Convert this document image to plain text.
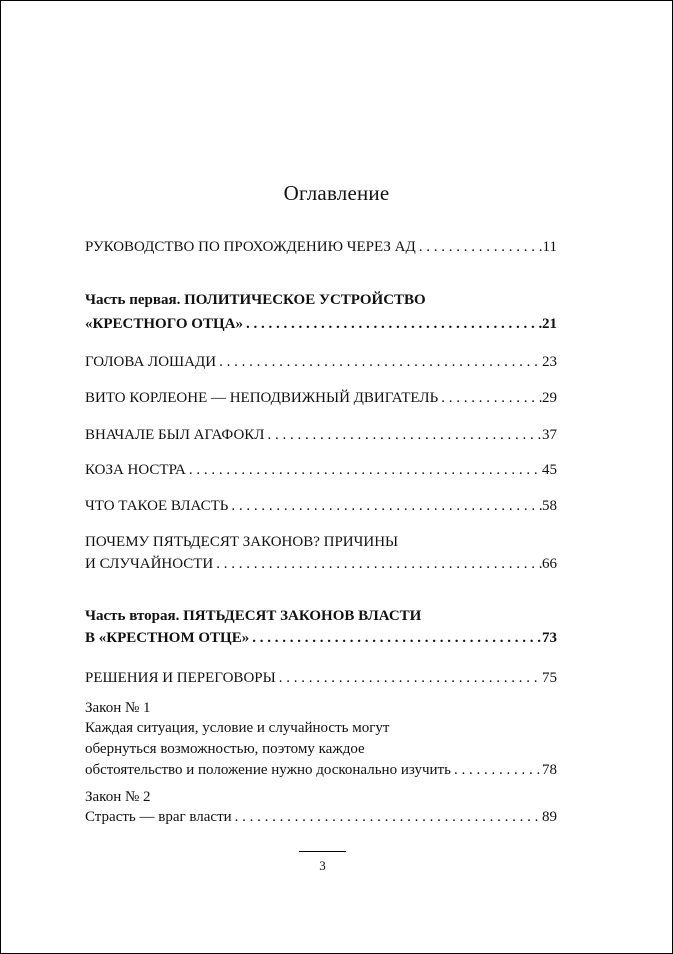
Оглавление
РУКОВОДСТВО ПО ПРОХОЖДЕНИЮ ЧЕРЕЗ АД . . .	11
Часть первая. ПОЛИТИЧЕСКОЕ УСТРОЙСТВО
«КРЕСТНОГО ОТЦА» . . .	21
ГОЛОВА ЛОШАДИ . . .	23
ВИТО КОРЛЕОНЕ — НЕПОДВИЖНЫЙ ДВИГАТЕЛЬ . . .	29
ВНАЧАЛЕ БЫЛ АГАФОКЛ . . .	37
КОЗА НОСТРА . . .	45
ЧТО ТАКОЕ ВЛАСТЬ . . .	58
ПОЧЕМУ ПЯТЬДЕСЯТ ЗАКОНОВ? ПРИЧИНЫ
И СЛУЧАЙНОСТИ . . .	66
Часть вторая. ПЯТЬДЕСЯТ ЗАКОНОВ ВЛАСТИ
В «КРЕСТНОМ ОТЦЕ» . . .	73
РЕШЕНИЯ И ПЕРЕГОВОРЫ . . .	75
Закон № 1
Каждая ситуация, условие и случайность могут
обернуться возможностью, поэтому каждое
обстоятельство и положение нужно досконально изучить . . .	78
Закон № 2
Страсть — враг власти . . .	89
3
